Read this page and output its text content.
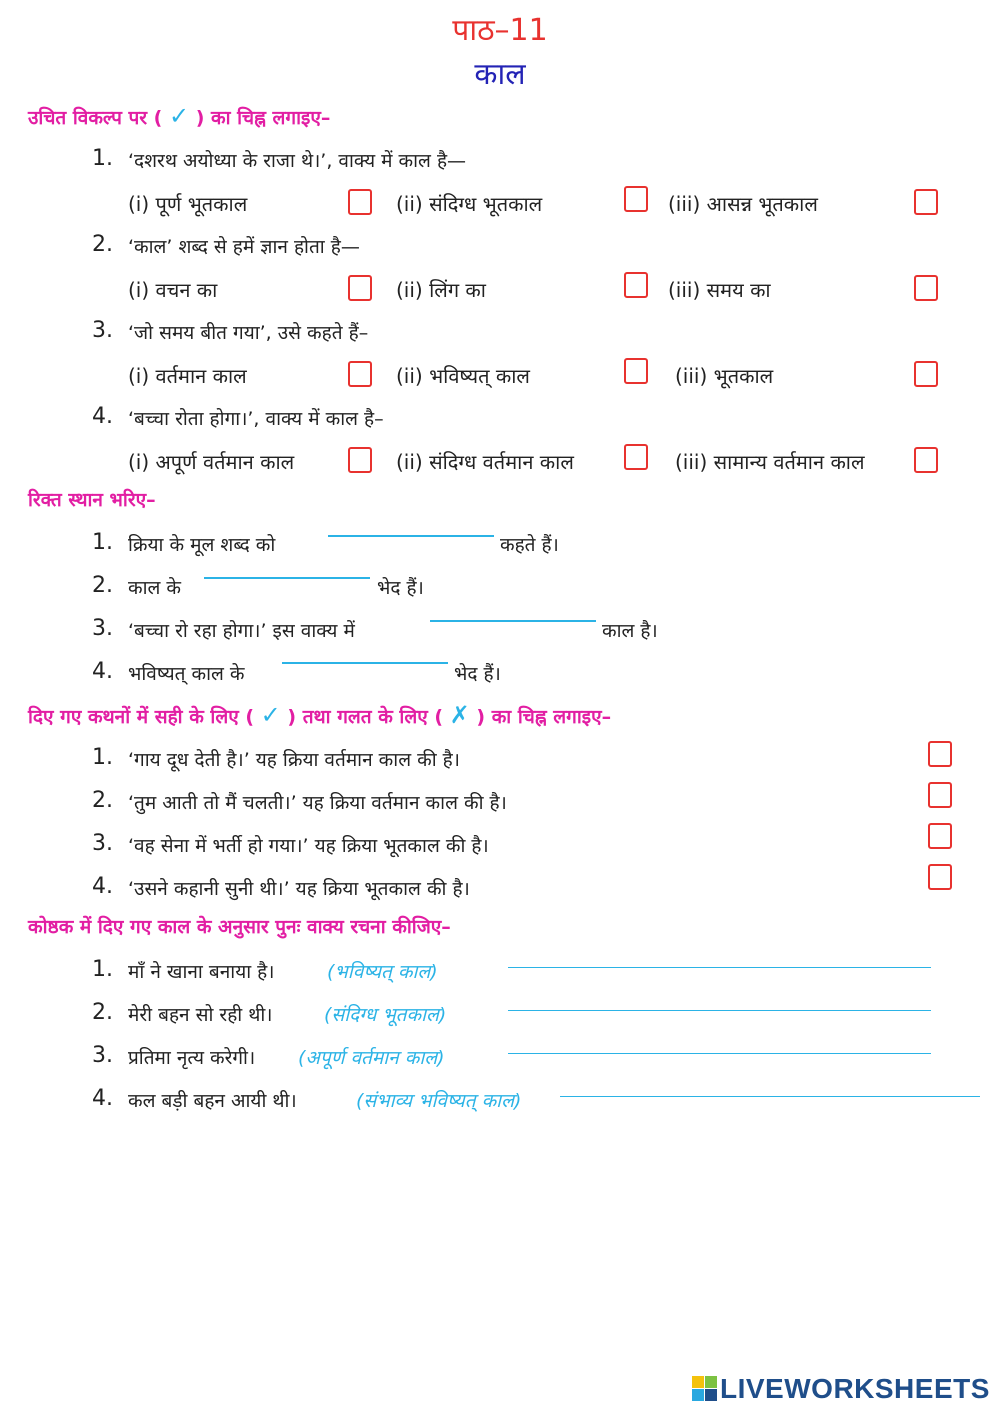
पाठ–11
काल
उचित विकल्प पर ( ✓ ) का चिह्न लगाइए–
1. ‘दशरथ अयोध्या के राजा थे।’, वाक्य में काल है—
(i) पूर्ण भूतकाल	(ii) संदिग्ध भूतकाल	(iii) आसन्न भूतकाल
2. ‘काल’ शब्द से हमें ज्ञान होता है—
(i) वचन का	(ii) लिंग का	(iii) समय का
3. ‘जो समय बीत गया’, उसे कहते हैं–
(i) वर्तमान काल	(ii) भविष्यत् काल	(iii) भूतकाल
4. ‘बच्चा रोता होगा।’, वाक्य में काल है–
(i) अपूर्ण वर्तमान काल	(ii) संदिग्ध वर्तमान काल	(iii) सामान्य वर्तमान काल
रिक्त स्थान भरिए–
1. क्रिया के मूल शब्द को	कहते हैं।
2. काल के	भेद हैं।
3. ‘बच्चा रो रहा होगा।’ इस वाक्य में	काल है।
4. भविष्यत् काल के	भेद हैं।
दिए गए कथनों में सही के लिए ( ✓ ) तथा गलत के लिए ( ✗ ) का चिह्न लगाइए–
1. ‘गाय दूध देती है।’ यह क्रिया वर्तमान काल की है।
2. ‘तुम आती तो मैं चलती।’ यह क्रिया वर्तमान काल की है।
3. ‘वह सेना में भर्ती हो गया।’ यह क्रिया भूतकाल की है।
4. ‘उसने कहानी सुनी थी।’ यह क्रिया भूतकाल की है।
कोष्ठक में दिए गए काल के अनुसार पुनः वाक्य रचना कीजिए–
1. माँ ने खाना बनाया है।	(भविष्यत् काल)
2. मेरी बहन सो रही थी।	(संदिग्ध भूतकाल)
3. प्रतिमा नृत्य करेगी। (अपूर्ण वर्तमान काल)
4. कल बड़ी बहन आयी थी।	(संभाव्य भविष्यत् काल)
LIVEWORKSHEETS
